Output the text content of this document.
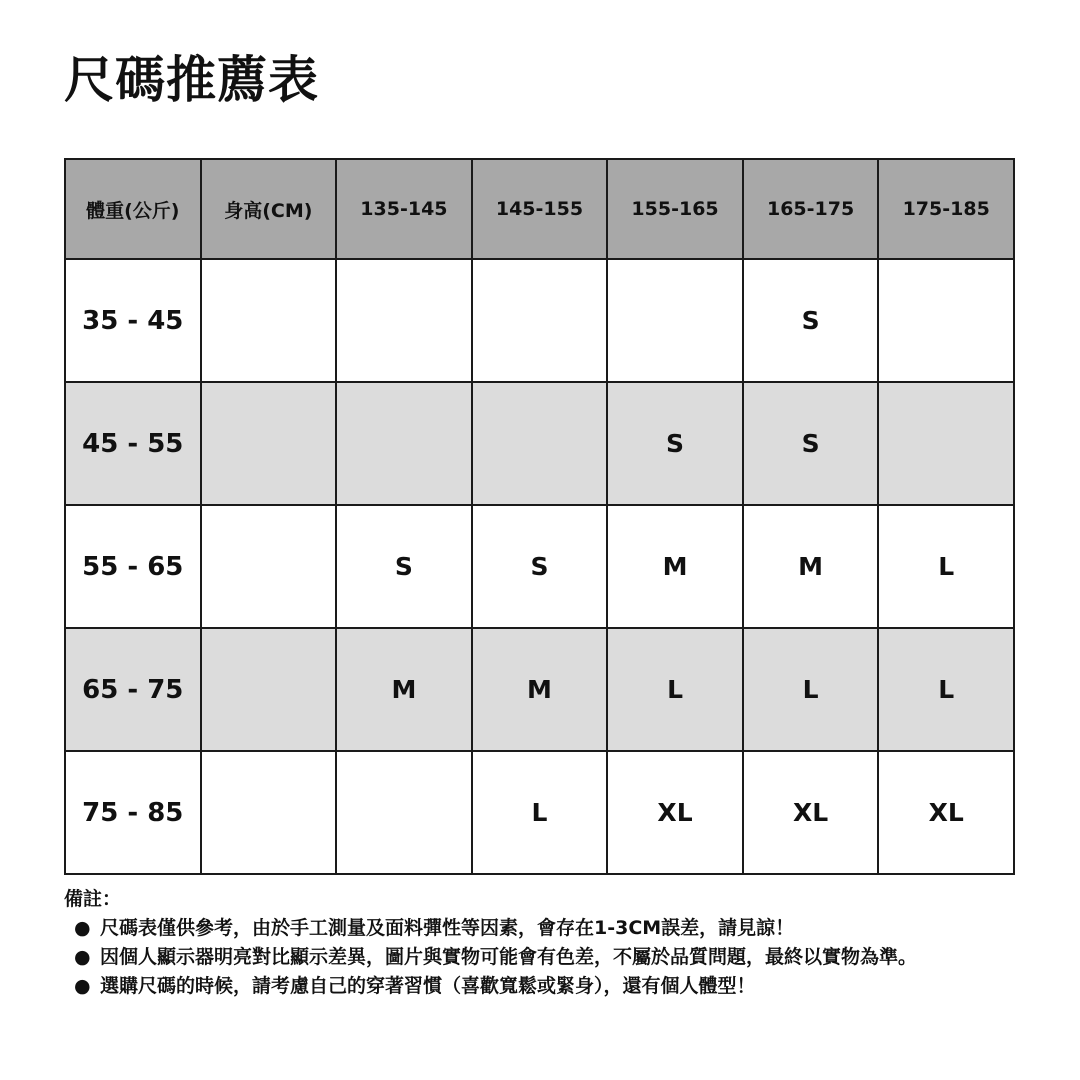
尺碼推薦表
體重(公斤)	身高(CM)	135-145	145-155	155-165	165-175	175-185
35 - 45					S	
45 - 55				S	S	
55 - 65		S	S	M	M	L
65 - 75		M	M	L	L	L
75 - 85			L	XL	XL	XL

備註：

● 尺碼表僅供參考，由於手工測量及面料彈性等因素，會存在1-3CM誤差，請見諒！
● 因個人顯示器明亮對比顯示差異，圖片與實物可能會有色差，不屬於品質問題，最終以實物為準。
● 選購尺碼的時候，請考慮自己的穿著習慣（喜歡寬鬆或緊身），還有個人體型！
